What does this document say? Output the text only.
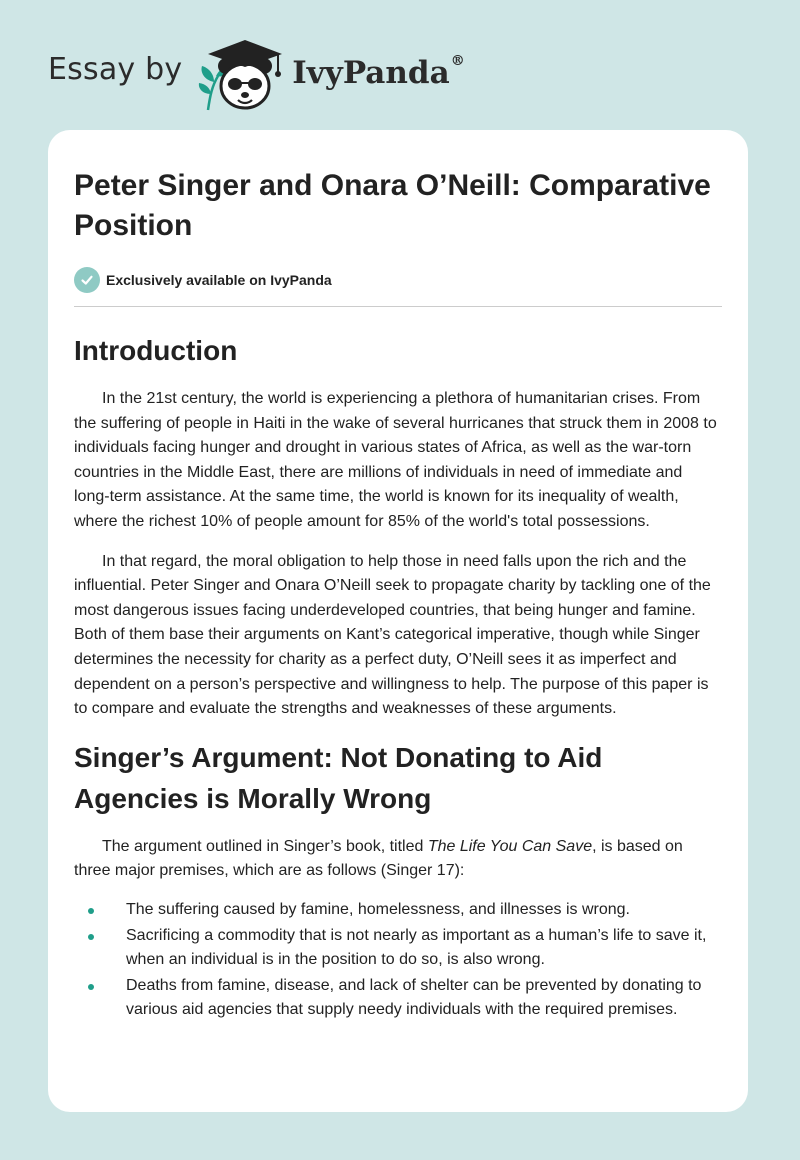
Essay by	IvyPanda®
Peter Singer and Onara O’Neill: Comparative Position
Exclusively available on IvyPanda
Introduction

In the 21st century, the world is experiencing a plethora of humanitarian crises. From the suffering of people in Haiti in the wake of several hurricanes that struck them in 2008 to individuals facing hunger and drought in various states of Africa, as well as the war-torn countries in the Middle East, there are millions of individuals in need of immediate and long-term assistance. At the same time, the world is known for its inequality of wealth, where the richest 10% of people amount for 85% of the world's total possessions.

In that regard, the moral obligation to help those in need falls upon the rich and the influential. Peter Singer and Onara O’Neill seek to propagate charity by tackling one of the most dangerous issues facing underdeveloped countries, that being hunger and famine. Both of them base their arguments on Kant’s categorical imperative, though while Singer determines the necessity for charity as a perfect duty, O’Neill sees it as imperfect and dependent on a person’s perspective and willingness to help. The purpose of this paper is to compare and evaluate the strengths and weaknesses of these arguments.

Singer’s Argument: Not Donating to Aid Agencies is Morally Wrong

The argument outlined in Singer’s book, titled The Life You Can Save, is based on three major premises, which are as follows (Singer 17):

The suffering caused by famine, homelessness, and illnesses is wrong.
Sacrificing a commodity that is not nearly as important as a human’s life to save it, when an individual is in the position to do so, is also wrong.
Deaths from famine, disease, and lack of shelter can be prevented by donating to various aid agencies that supply needy individuals with the required premises.
